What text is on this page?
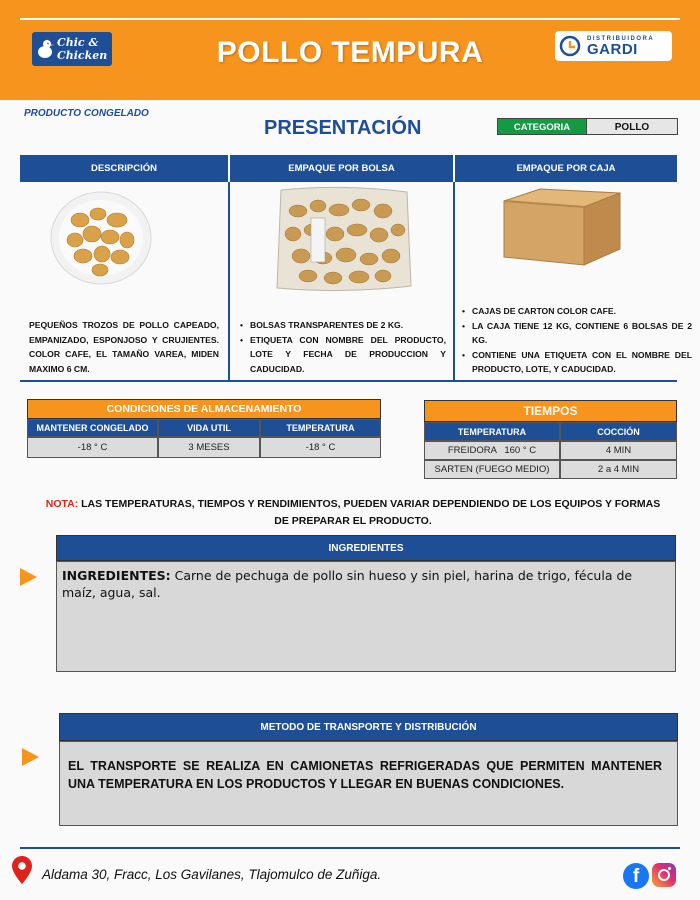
Chic &
Chicken	POLLO TEMPURA	DISTRIBUIDORA
GARDI
PRODUCTO CONGELADO
PRESENTACIÓN	CATEGORIA	POLLO
DESCRIPCIÓN	EMPAQUE POR BOLSA	EMPAQUE POR CAJA
PEQUEÑOS TROZOS DE POLLO CAPEADO, EMPANIZADO, ESPONJOSO Y CRUJIENTES. COLOR CAFE, EL TAMAÑO VAREA, MIDEN MAXIMO 6 CM.
• BOLSAS TRANSPARENTES DE 2 KG.
• ETIQUETA CON NOMBRE DEL PRODUCTO, LOTE Y FECHA DE PRODUCCION Y CADUCIDAD.
• CAJAS DE CARTON COLOR CAFE.
• LA CAJA TIENE 12 KG, CONTIENE 6 BOLSAS DE 2 KG.
• CONTIENE UNA ETIQUETA CON EL NOMBRE DEL PRODUCTO, LOTE, Y CADUCIDAD.
CONDICIONES DE ALMACENAMIENTO
MANTENER CONGELADO	VIDA UTIL	TEMPERATURA
-18 ° C	3 MESES	-18 ° C
TIEMPOS
TEMPERATURA	COCCIÓN
FREIDORA   160 ° C	4 MIN
SARTEN (FUEGO MEDIO)	2 a 4 MIN
NOTA: LAS TEMPERATURAS, TIEMPOS Y RENDIMIENTOS, PUEDEN VARIAR DEPENDIENDO DE LOS EQUIPOS Y FORMAS DE PREPARAR EL PRODUCTO.
INGREDIENTES
INGREDIENTES: Carne de pechuga de pollo sin hueso y sin piel, harina de trigo, fécula de maíz, agua, sal.
METODO DE TRANSPORTE Y DISTRIBUCIÓN
EL TRANSPORTE SE REALIZA EN CAMIONETAS REFRIGERADAS QUE PERMITEN MANTENER UNA TEMPERATURA EN LOS PRODUCTOS Y LLEGAR EN BUENAS CONDICIONES.
Aldama 30, Fracc, Los Gavilanes, Tlajomulco de Zuñiga.	f
